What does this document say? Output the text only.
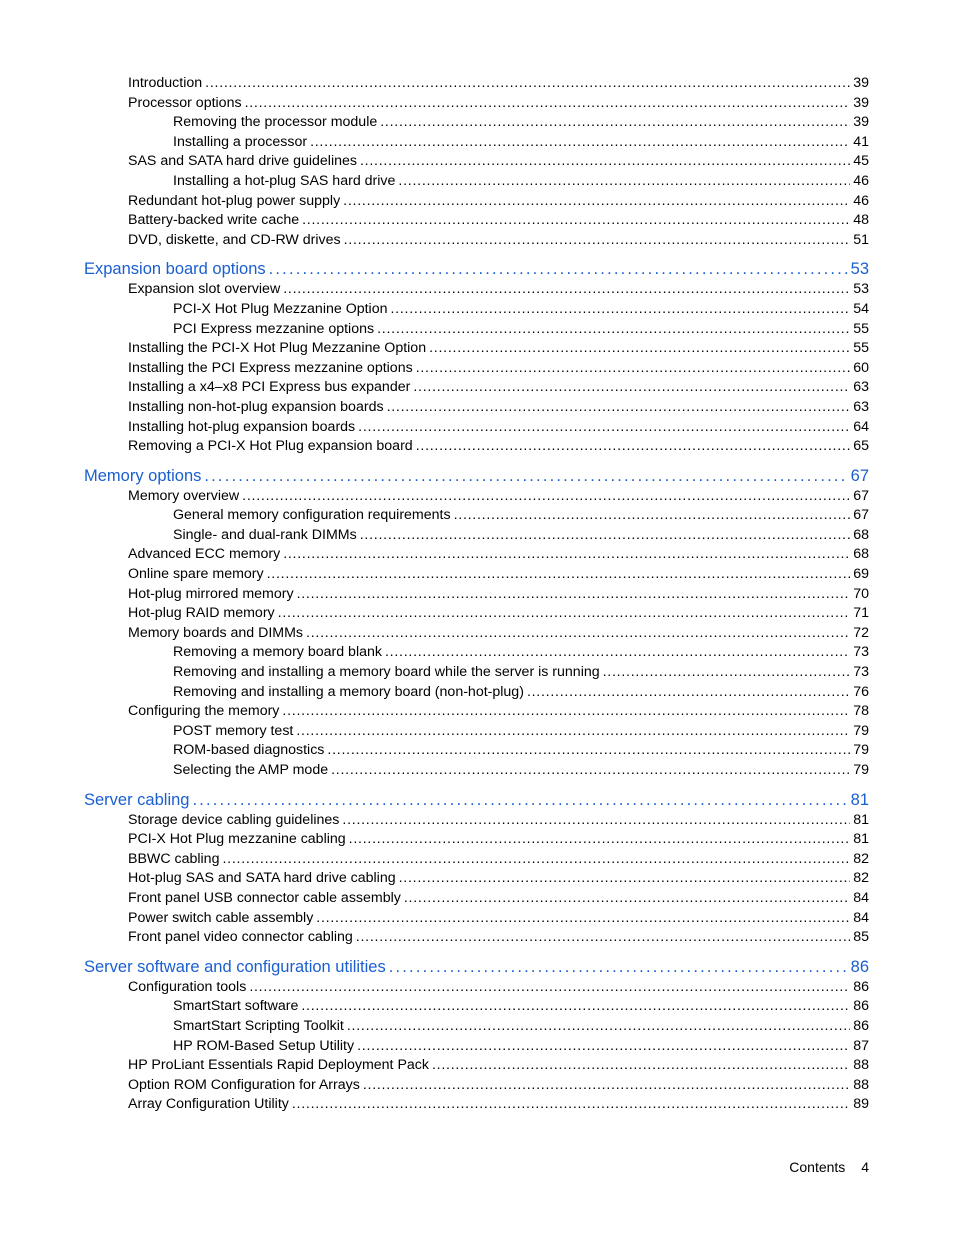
Introduction . . .	39
Processor options . . .	39
Removing the processor module . . .	39
Installing a processor . . .	41
SAS and SATA hard drive guidelines . . .	45
Installing a hot-plug SAS hard drive . . .	46
Redundant hot-plug power supply . . .	46
Battery-backed write cache . . .	48
DVD, diskette, and CD-RW drives . . .	51
Expansion board options . . .	53
Expansion slot overview . . .	53
PCI-X Hot Plug Mezzanine Option . . .	54
PCI Express mezzanine options . . .	55
Installing the PCI-X Hot Plug Mezzanine Option . . .	55
Installing the PCI Express mezzanine options . . .	60
Installing a x4–x8 PCI Express bus expander . . .	63
Installing non-hot-plug expansion boards . . .	63
Installing hot-plug expansion boards . . .	64
Removing a PCI-X Hot Plug expansion board . . .	65
Memory options . . .	67
Memory overview . . .	67
General memory configuration requirements . . .	67
Single- and dual-rank DIMMs . . .	68
Advanced ECC memory . . .	68
Online spare memory . . .	69
Hot-plug mirrored memory . . .	70
Hot-plug RAID memory . . .	71
Memory boards and DIMMs . . .	72
Removing a memory board blank . . .	73
Removing and installing a memory board while the server is running . . .	73
Removing and installing a memory board (non-hot-plug) . . .	76
Configuring the memory . . .	78
POST memory test . . .	79
ROM-based diagnostics . . .	79
Selecting the AMP mode . . .	79
Server cabling . . .	81
Storage device cabling guidelines . . .	81
PCI-X Hot Plug mezzanine cabling . . .	81
BBWC cabling . . .	82
Hot-plug SAS and SATA hard drive cabling . . .	82
Front panel USB connector cable assembly . . .	84
Power switch cable assembly . . .	84
Front panel video connector cabling . . .	85
Server software and configuration utilities . . .	86
Configuration tools . . .	86
SmartStart software . . .	86
SmartStart Scripting Toolkit . . .	86
HP ROM-Based Setup Utility . . .	87
HP ProLiant Essentials Rapid Deployment Pack . . .	88
Option ROM Configuration for Arrays . . .	88
Array Configuration Utility . . .	89
Contents 4
